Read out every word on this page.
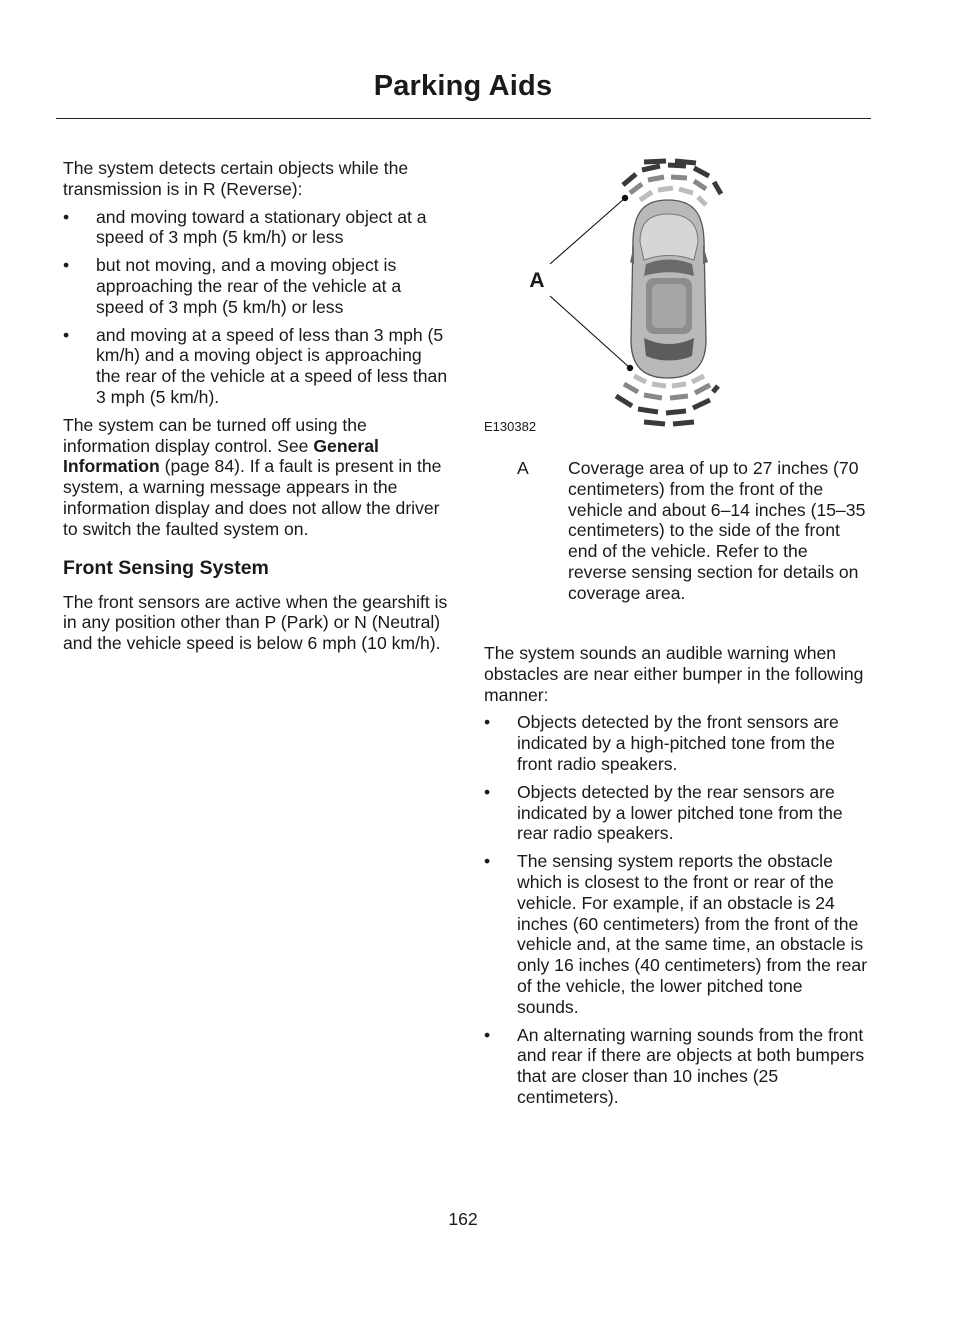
Parking Aids

The system detects certain objects while the transmission is in R (Reverse):

• and moving toward a stationary object at a speed of 3 mph (5 km/h) or less
• but not moving, and a moving object is approaching the rear of the vehicle at a speed of 3 mph (5 km/h) or less
• and moving at a speed of less than 3 mph (5 km/h) and a moving object is approaching the rear of the vehicle at a speed of less than 3 mph (5 km/h).

The system can be turned off using the information display control. See General Information (page 84). If a fault is present in the system, a warning message appears in the information display and does not allow the driver to switch the faulted system on.

Front Sensing System

The front sensors are active when the gearshift is in any position other than P (Park) or N (Neutral) and the vehicle speed is below 6 mph (10 km/h).

A
E130382
A Coverage area of up to 27 inches (70 centimeters) from the front of the vehicle and about 6–14 inches (15–35 centimeters) to the side of the front end of the vehicle. Refer to the reverse sensing section for details on coverage area.

The system sounds an audible warning when obstacles are near either bumper in the following manner:

• Objects detected by the front sensors are indicated by a high-pitched tone from the front radio speakers.
• Objects detected by the rear sensors are indicated by a lower pitched tone from the rear radio speakers.
• The sensing system reports the obstacle which is closest to the front or rear of the vehicle. For example, if an obstacle is 24 inches (60 centimeters) from the front of the vehicle and, at the same time, an obstacle is only 16 inches (40 centimeters) from the rear of the vehicle, the lower pitched tone sounds.
• An alternating warning sounds from the front and rear if there are objects at both bumpers that are closer than 10 inches (25 centimeters).
162
